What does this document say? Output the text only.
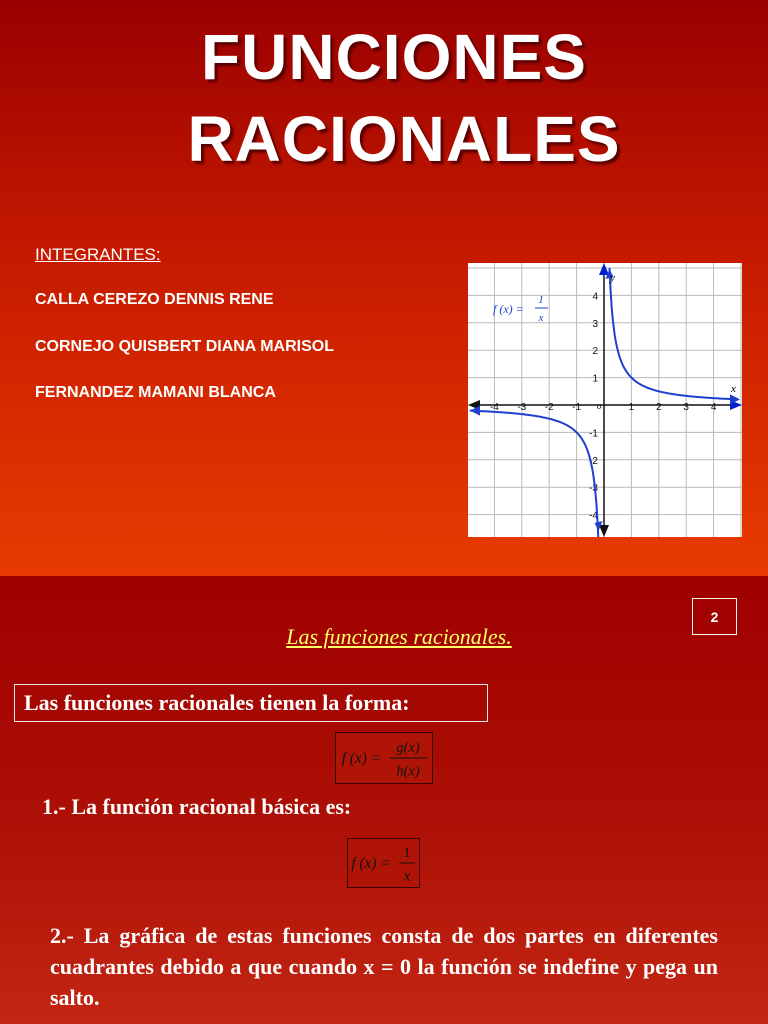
FUNCIONES
RACIONALES
INTEGRANTES:
CALLA CEREZO DENNIS RENE
CORNEJO QUISBERT DIANA MARISOL
FERNANDEZ MAMANI BLANCA
-4 -3 -2 -1	1 2 3 4
4
3
2
1
-1
-2
-3
-4
f (x) =
1
x
x
y
o
2
Las funciones racionales.
Las funciones racionales tienen la forma:
f (x) =
g(x)
h(x)
1.- La función racional básica es:
f (x) =
1
x
2.- La gráfica de estas funciones consta de dos partes en diferentes cuadrantes debido a que cuando x = 0 la función se indefine y pega un salto.
